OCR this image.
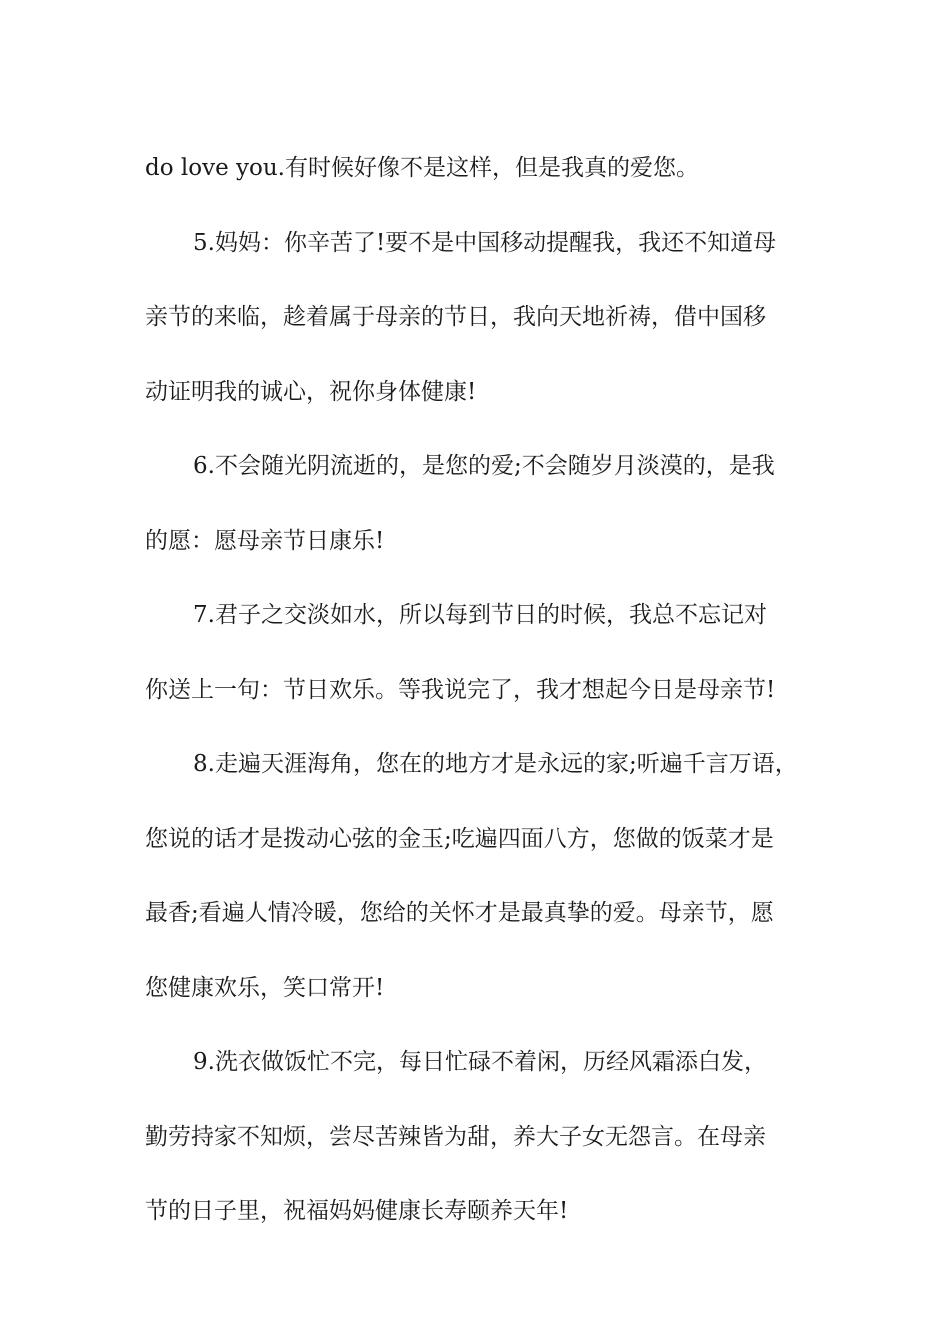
do love you.有时候好像不是这样，但是我真的爱您。

5.妈妈：你辛苦了!要不是中国移动提醒我，我还不知道母
亲节的来临，趁着属于母亲的节日，我向天地祈祷，借中国移
动证明我的诚心，祝你身体健康!

6.不会随光阴流逝的，是您的爱;不会随岁月淡漠的，是我
的愿：愿母亲节日康乐!

7.君子之交淡如水，所以每到节日的时候，我总不忘记对
你送上一句：节日欢乐。等我说完了，我才想起今日是母亲节!

8.走遍天涯海角，您在的地方才是永远的家;听遍千言万语，
您说的话才是拨动心弦的金玉;吃遍四面八方，您做的饭菜才是
最香;看遍人情冷暖，您给的关怀才是最真挚的爱。母亲节，愿
您健康欢乐，笑口常开!

9.洗衣做饭忙不完，每日忙碌不着闲，历经风霜添白发，
勤劳持家不知烦，尝尽苦辣皆为甜，养大子女无怨言。在母亲
节的日子里，祝福妈妈健康长寿颐养天年!
